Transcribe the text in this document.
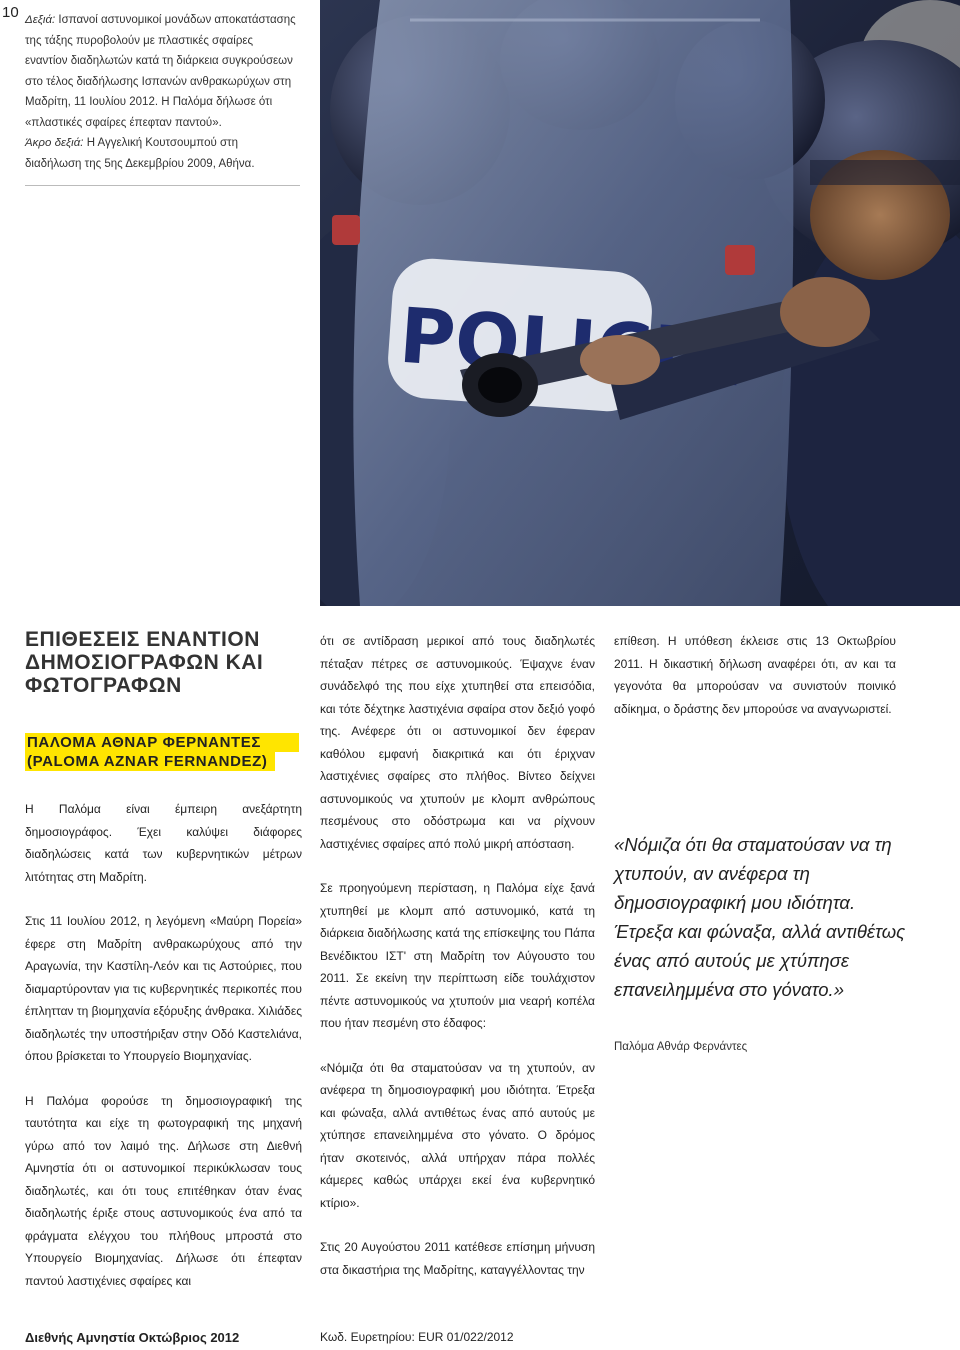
10 Δεξιά: Ισπανοί αστυνομικοί μονάδων αποκατάστασης της τάξης πυροβολούν με πλαστικές σφαίρες εναντίον διαδηλωτών κατά τη διάρκεια συγκρούσεων στο τέλος διαδήλωσης Ισπανών ανθρακωρύχων στη Μαδρίτη, 11 Ιουλίου 2012. Η Παλόμα δήλωσε ότι «πλαστικές σφαίρες έπεφταν παντού».
Άκρο δεξιά: Η Αγγελική Κουτσουμπού στη διαδήλωση της 5ης Δεκεμβρίου 2009, Αθήνα.
ΕΠΙΘΕΣΕΙΣ ΕΝΑΝΤΙΟΝ ΔΗΜΟΣΙΟΓΡΑΦΩΝ ΚΑΙ ΦΩΤΟΓΡΑΦΩΝ
ΠΑΛΟΜΑ ΑΘΝΑΡ ΦΕΡΝΑΝΤΕΣ
(PALOMA AZNAR FERNANDEZ)

Η Παλόμα είναι έμπειρη ανεξάρτητη δημοσιογράφος. Έχει καλύψει διάφορες διαδηλώσεις κατά των κυβερνητικών μέτρων λιτότητας στη Μαδρίτη.

Στις 11 Ιουλίου 2012, η λεγόμενη «Μαύρη Πορεία» έφερε στη Μαδρίτη ανθρακωρύχους από την Αραγωνία, την Καστίλη-Λεόν και τις Αστούριες, που διαμαρτύρονταν για τις κυβερνητικές περικοπές που έπλητταν τη βιομηχανία εξόρυξης άνθρακα. Χιλιάδες διαδηλωτές την υποστήριξαν στην Οδό Καστελιάνα, όπου βρίσκεται το Υπουργείο Βιομηχανίας.

Η Παλόμα φορούσε τη δημοσιογραφική της ταυτότητα και είχε τη φωτογραφική της μηχανή γύρω από τον λαιμό της. Δήλωσε στη Διεθνή Αμνηστία ότι οι αστυνομικοί περικύκλωσαν τους διαδηλωτές, και ότι τους επιτέθηκαν όταν ένας διαδηλωτής έριξε στους αστυνομικούς ένα από τα φράγματα ελέγχου του πλήθους μπροστά στο Υπουργείο Βιομηχανίας. Δήλωσε ότι έπεφταν παντού λαστιχένιες σφαίρες και

ότι σε αντίδραση μερικοί από τους διαδηλωτές πέταξαν πέτρες σε αστυνομικούς. Έψαχνε έναν συνάδελφό της που είχε χτυπηθεί στα επεισόδια, και τότε δέχτηκε λαστιχένια σφαίρα στον δεξιό γοφό της. Ανέφερε ότι οι αστυνομικοί δεν έφεραν καθόλου εμφανή διακριτικά και ότι έριχναν λαστιχένιες σφαίρες στο πλήθος. Βίντεο δείχνει αστυνομικούς να χτυπούν με κλομπ ανθρώπους πεσμένους στο οδόστρωμα και να ρίχνουν λαστιχένιες σφαίρες από πολύ μικρή απόσταση.

Σε προηγούμενη περίσταση, η Παλόμα είχε ξανά χτυπηθεί με κλομπ από αστυνομικό, κατά τη διάρκεια διαδήλωσης κατά της επίσκεψης του Πάπα Βενέδικτου ΙΣΤ' στη Μαδρίτη τον Αύγουστο του 2011. Σε εκείνη την περίπτωση είδε τουλάχιστον πέντε αστυνομικούς να χτυπούν μια νεαρή κοπέλα που ήταν πεσμένη στο έδαφος:

«Νόμιζα ότι θα σταματούσαν να τη χτυπούν, αν ανέφερα τη δημοσιογραφική μου ιδιότητα. Έτρεξα και φώναξα, αλλά αντιθέτως ένας από αυτούς με χτύπησε επανειλημμένα στο γόνατο. Ο δρόμος ήταν σκοτεινός, αλλά υπήρχαν πάρα πολλές κάμερες καθώς υπάρχει εκεί ένα κυβερνητικό κτίριο».

Στις 20 Αυγούστου 2011 κατέθεσε επίσημη μήνυση στα δικαστήρια της Μαδρίτης, καταγγέλλοντας την

επίθεση. Η υπόθεση έκλεισε στις 13 Οκτωβρίου 2011. Η δικαστική δήλωση αναφέρει ότι, αν και τα γεγονότα θα μπορούσαν να συνιστούν ποινικό αδίκημα, ο δράστης δεν μπορούσε να αναγνωριστεί.

«Νόμιζα ότι θα σταματούσαν να τη χτυπούν, αν ανέφερα τη δημοσιογραφική μου ιδιότητα. Έτρεξα και φώναξα, αλλά αντιθέτως ένας από αυτούς με χτύπησε επανειλημμένα στο γόνατο.»
Παλόμα Αθνάρ Φερνάντες
Διεθνής Αμνηστία Οκτώβριος 2012	Κωδ. Ευρετηρίου: EUR 01/022/2012
